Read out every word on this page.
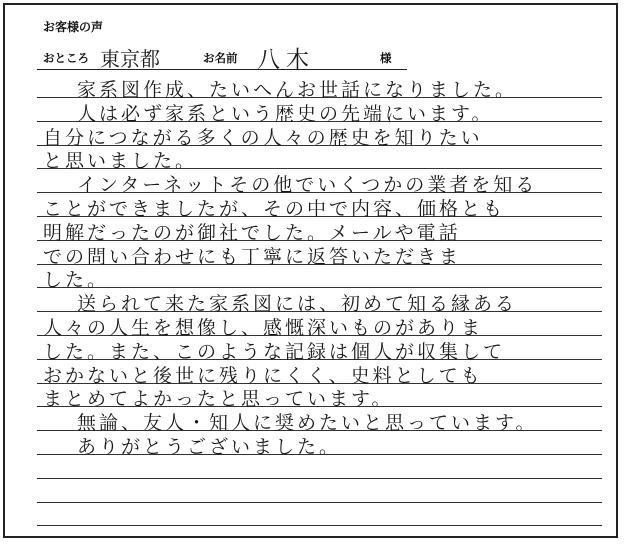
お客様の声
おところ 東京都	お名前 八木	様
家系図作成、たいへんお世話になりました。
人は必ず家系という歴史の先端にいます。
自分につながる多くの人々の歴史を知りたい
と思いました。
インターネットその他でいくつかの業者を知る
ことができましたが、その中で内容、価格とも
明解だったのが御社でした。メールや電話
での問い合わせにも丁寧に返答いただきま
した。
送られて来た家系図には、初めて知る縁ある
人々の人生を想像し、感慨深いものがありま
した。また、このような記録は個人が収集して
おかないと後世に残りにくく、史料としても
まとめてよかったと思っています。
無論、友人・知人に奨めたいと思っています。
ありがとうございました。
